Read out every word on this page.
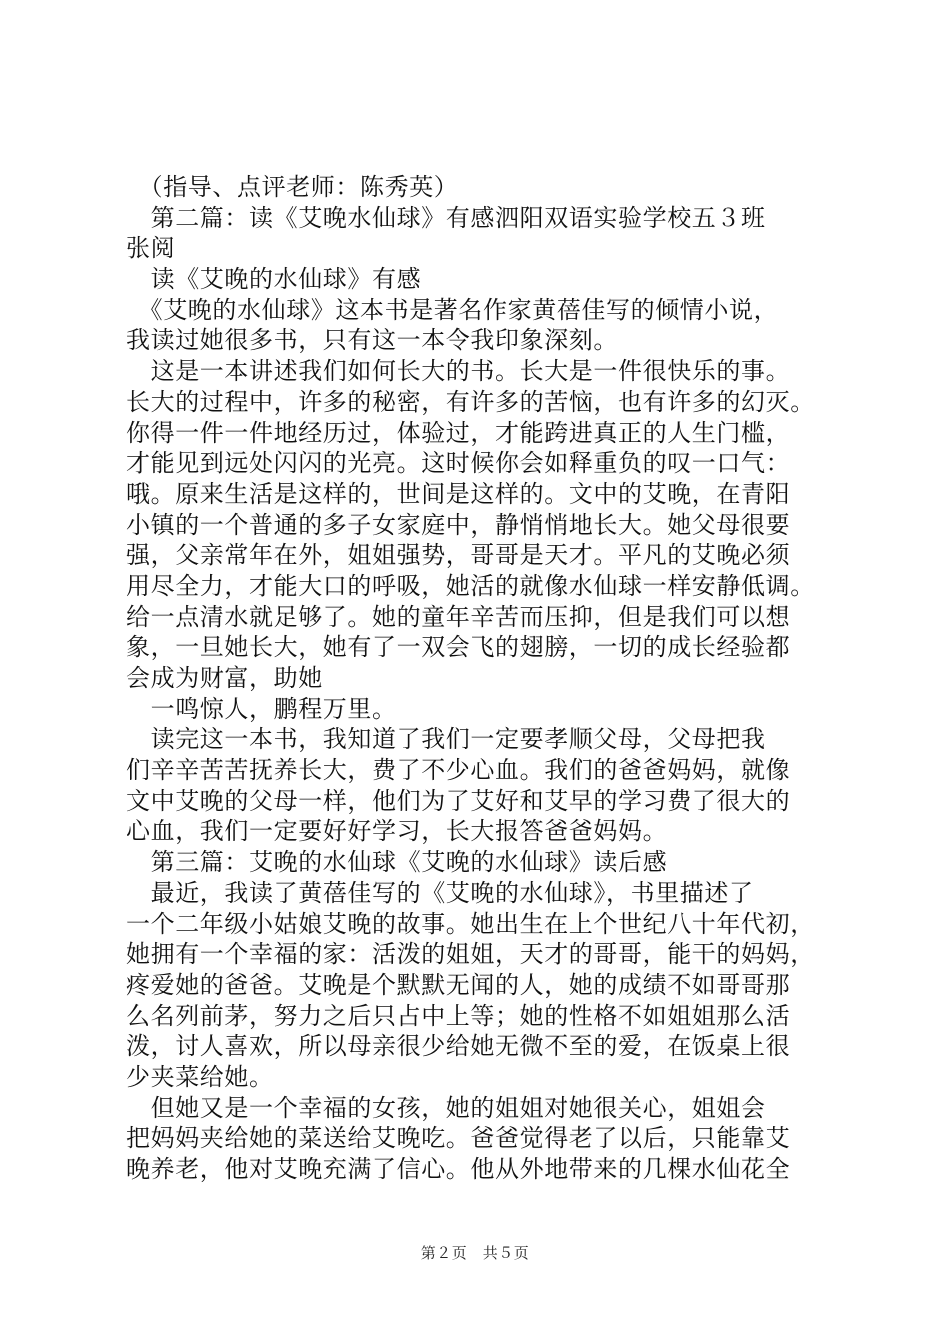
　（指导、点评老师：陈秀英）
　第二篇：读《艾晚水仙球》有感泗阳双语实验学校五３班
张阅
　读《艾晚的水仙球》有感
　《艾晚的水仙球》这本书是著名作家黄蓓佳写的倾情小说，
我读过她很多书，只有这一本令我印象深刻。
　这是一本讲述我们如何长大的书。长大是一件很快乐的事。
长大的过程中，许多的秘密，有许多的苦恼，也有许多的幻灭。
你得一件一件地经历过，体验过，才能跨进真正的人生门槛，
才能见到远处闪闪的光亮。这时候你会如释重负的叹一口气：
哦。原来生活是这样的，世间是这样的。文中的艾晚，在青阳
小镇的一个普通的多子女家庭中，静悄悄地长大。她父母很要
强，父亲常年在外，姐姐强势，哥哥是天才。平凡的艾晚必须
用尽全力，才能大口的呼吸，她活的就像水仙球一样安静低调。
给一点清水就足够了。她的童年辛苦而压抑，但是我们可以想
象，一旦她长大，她有了一双会飞的翅膀，一切的成长经验都
会成为财富，助她
　一鸣惊人，鹏程万里。
　读完这一本书，我知道了我们一定要孝顺父母，父母把我
们辛辛苦苦抚养长大，费了不少心血。我们的爸爸妈妈，就像
文中艾晚的父母一样，他们为了艾好和艾早的学习费了很大的
心血，我们一定要好好学习，长大报答爸爸妈妈。
　第三篇：艾晚的水仙球《艾晚的水仙球》读后感
　最近，我读了黄蓓佳写的《艾晚的水仙球》，书里描述了
一个二年级小姑娘艾晚的故事。她出生在上个世纪八十年代初，
她拥有一个幸福的家：活泼的姐姐，天才的哥哥，能干的妈妈，
疼爱她的爸爸。艾晚是个默默无闻的人，她的成绩不如哥哥那
么名列前茅，努力之后只占中上等；她的性格不如姐姐那么活
泼，讨人喜欢，所以母亲很少给她无微不至的爱，在饭桌上很
少夹菜给她。
　但她又是一个幸福的女孩，她的姐姐对她很关心，姐姐会
把妈妈夹给她的菜送给艾晚吃。爸爸觉得老了以后，只能靠艾
晚养老，他对艾晚充满了信心。他从外地带来的几棵水仙花全
第２页　共５页
